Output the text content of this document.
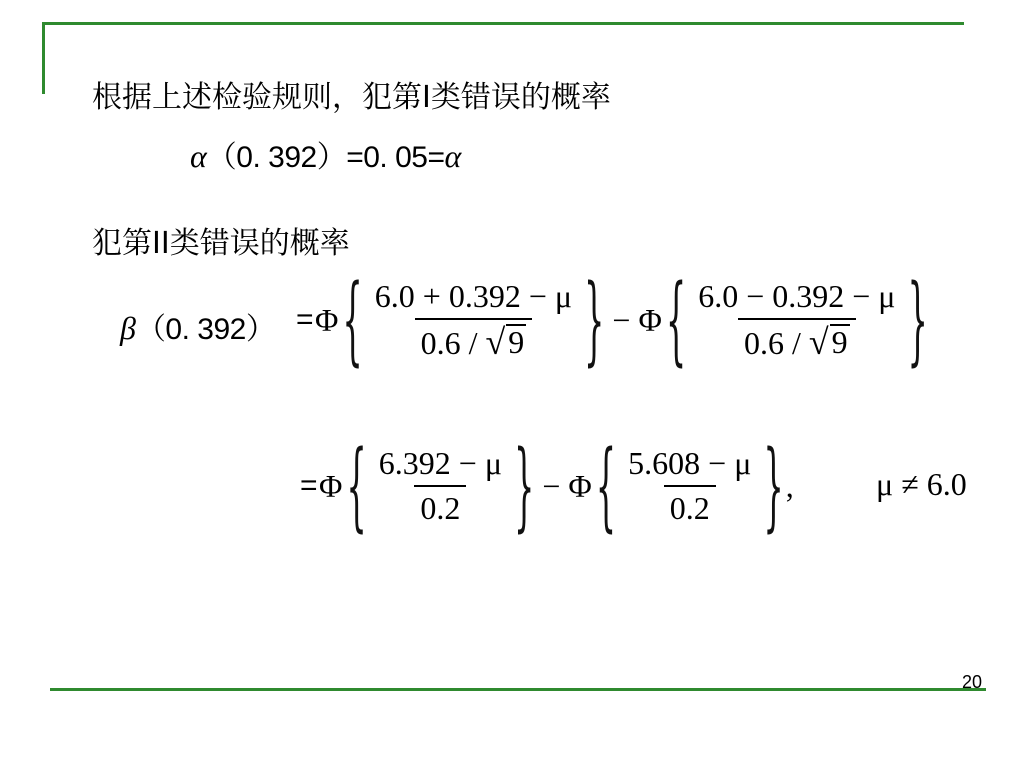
根据上述检验规则，犯第I类错误的概率
α（0. 392）=0. 05=α
犯第II类错误的概率
β（0. 392） = Φ { $\frac{6.0 + 0.392 - \mu}{0.6 / √ 9}$ } − Φ { $\frac{6.0 - 0.392 - \mu}{0.6 / √ 9}$ }
= Φ { $\frac{6.392 - \mu}{0.2}$ } − Φ { $\frac{5.608 - \mu}{0.2}$ } ,	μ ≠ 6.0
20
